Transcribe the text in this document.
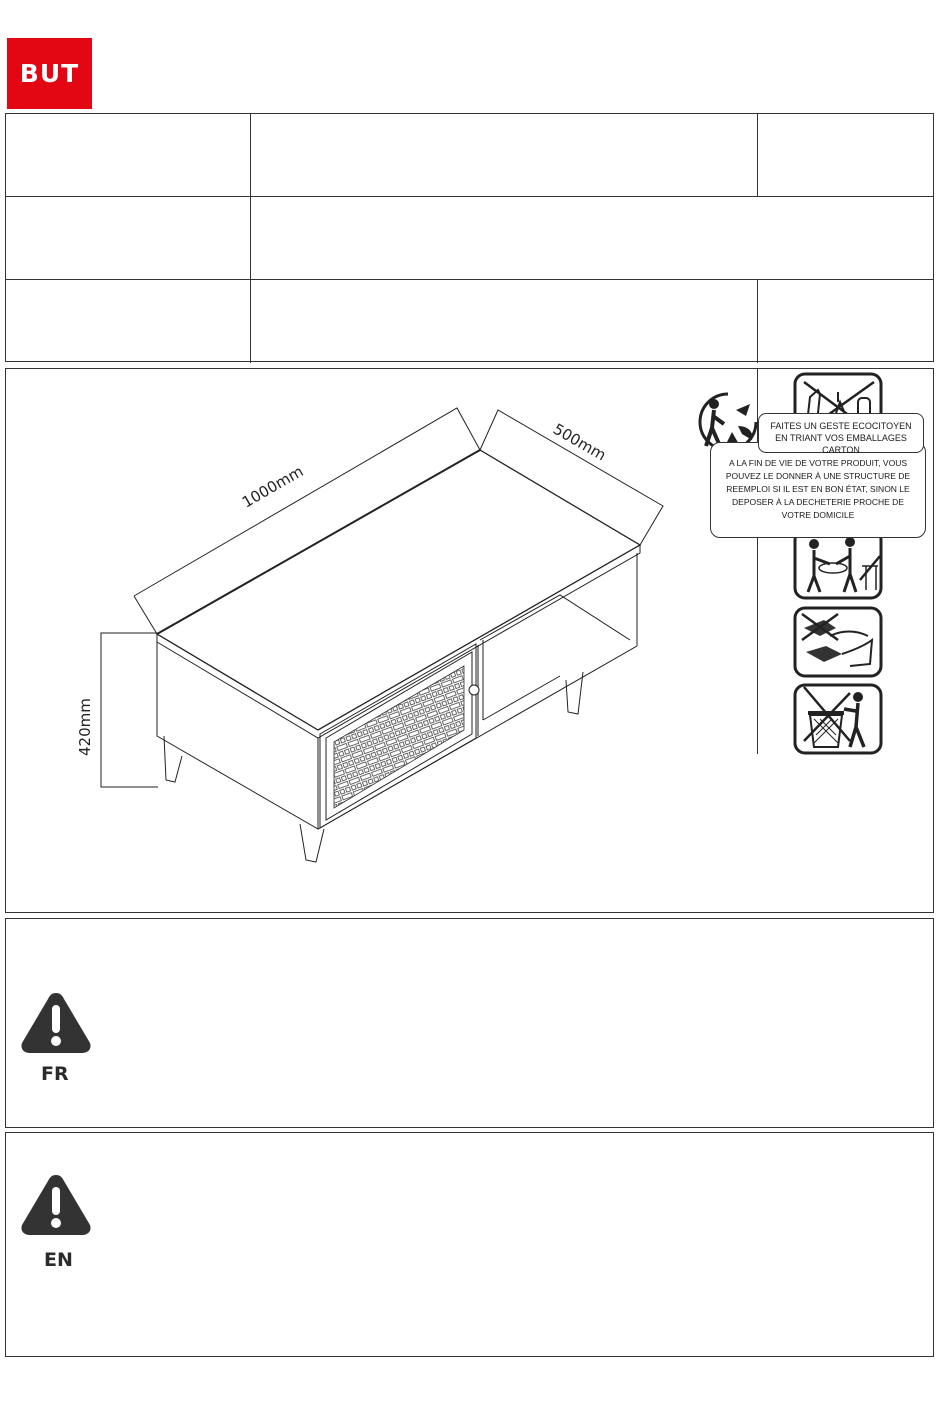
BUT
1000mm
500mm
420mm
FAITES UN GESTE ECOCITOYEN
EN TRIANT VOS EMBALLAGES CARTON
A LA FIN DE VIE DE VOTRE PRODUIT, VOUS
POUVEZ LE DONNER À UNE STRUCTURE DE
REEMPLOI SI IL EST EN BON ÉTAT, SINON LE
DEPOSER À LA DECHETERIE PROCHE DE
VOTRE DOMICILE
FR
EN
